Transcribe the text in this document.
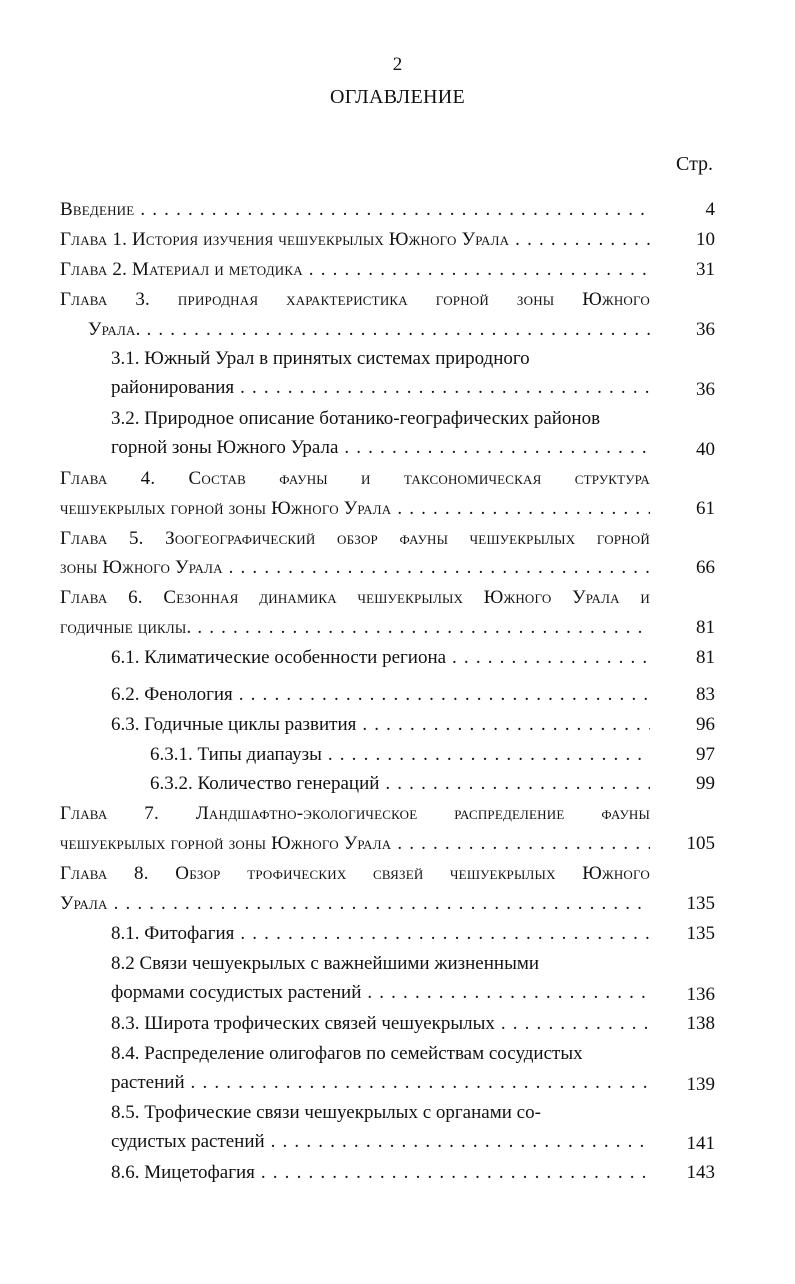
2
ОГЛАВЛЕНИЕ
Стр.
Введение . . .	4
Глава 1. История изучения чешуекрылых Южного Урала . . .	10
Глава 2. Материал и методика . . .	31
Глава 3. природная характеристика горной зоны Южного
Урала. . . .	36
3.1. Южный Урал в принятых системах природного
районирования . . .	36
3.2. Природное описание ботанико-географических районов
горной зоны Южного Урала . . .	40
Глава 4. Состав фауны и таксономическая структура
чешуекрылых горной зоны Южного Урала . . .	61
Глава 5. Зоогеографический обзор фауны чешуекрылых горной
зоны Южного Урала . . .	66
Глава 6. Сезонная динамика чешуекрылых Южного Урала и
годичные циклы. . . .	81
6.1. Климатические особенности региона . . .	81
6.2. Фенология . . .	83
6.3. Годичные циклы развития . . .	96
6.3.1. Типы диапаузы . . .	97
6.3.2. Количество генераций . . .	99
Глава 7. Ландшафтно-экологическое распределение фауны
чешуекрылых горной зоны Южного Урала . . .	105
Глава 8. Обзор трофических связей чешуекрылых Южного
Урала . . .	135
8.1. Фитофагия . . .	135
8.2 Связи чешуекрылых с важнейшими жизненными
формами сосудистых растений . . .	136
8.3. Широта трофических связей чешуекрылых . . .	138
8.4. Распределение олигофагов по семействам сосудистых
растений . . .	139
8.5. Трофические связи чешуекрылых с органами со-
судистых растений . . .	141
8.6. Мицетофагия . . .	143
